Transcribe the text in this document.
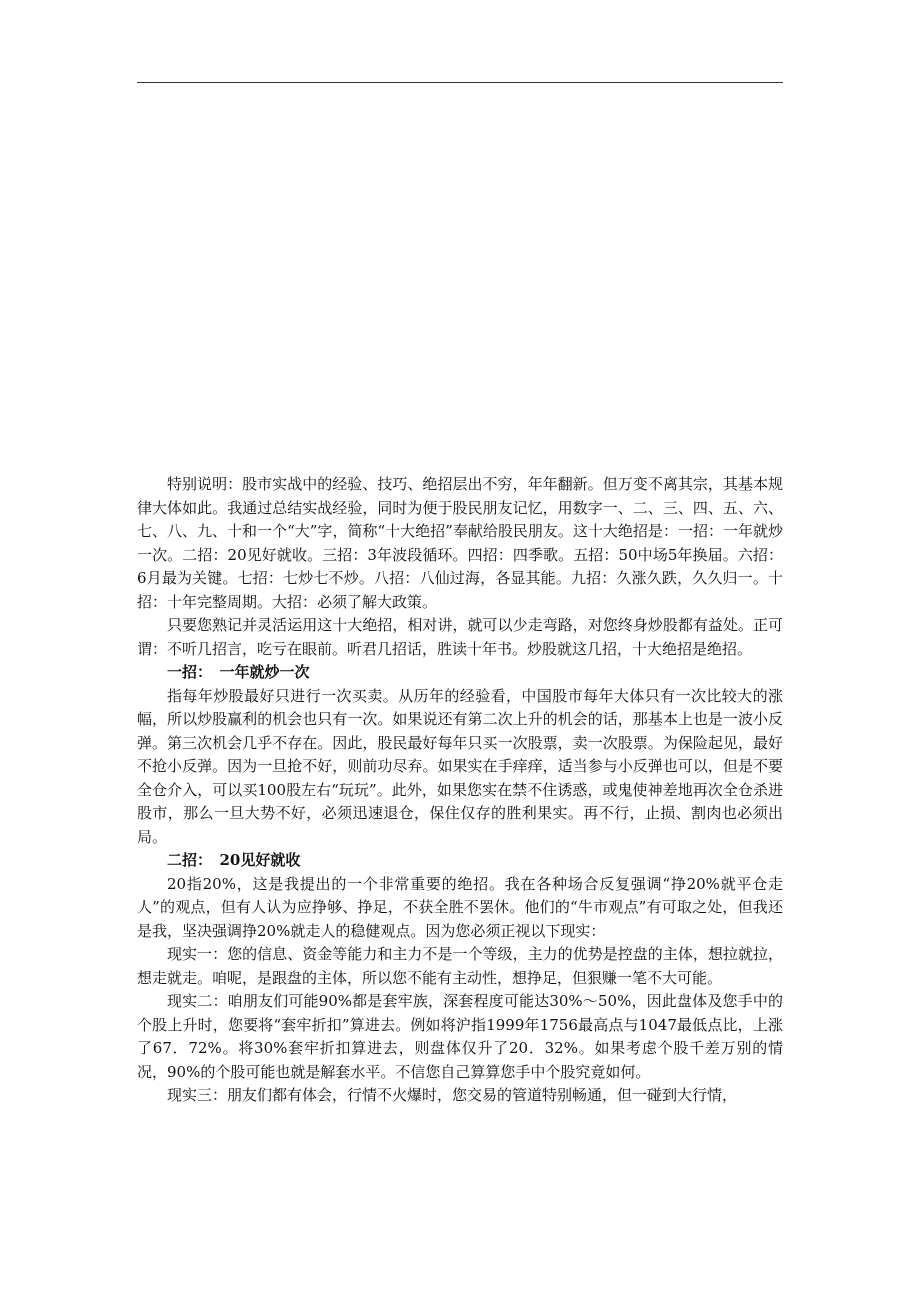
特别说明：股市实战中的经验、技巧、绝招层出不穷，年年翻新。但万变不离其宗，其基本规律大体如此。我通过总结实战经验，同时为便于股民朋友记忆，用数字一、二、三、四、五、六、七、八、九、十和一个“大”字，简称“十大绝招”奉献给股民朋友。这十大绝招是：一招：一年就炒一次。二招：20见好就收。三招：3年波段循环。四招：四季歌。五招：50中场5年换届。六招：6月最为关键。七招：七炒七不炒。八招：八仙过海，各显其能。九招：久涨久跌，久久归一。十招：十年完整周期。大招：必须了解大政策。

只要您熟记并灵活运用这十大绝招，相对讲，就可以少走弯路，对您终身炒股都有益处。正可谓：不听几招言，吃亏在眼前。听君几招话，胜读十年书。炒股就这几招，十大绝招是绝招。

一招：　一年就炒一次

指每年炒股最好只进行一次买卖。从历年的经验看，中国股市每年大体只有一次比较大的涨幅，所以炒股赢利的机会也只有一次。如果说还有第二次上升的机会的话，那基本上也是一波小反弹。第三次机会几乎不存在。因此，股民最好每年只买一次股票，卖一次股票。为保险起见，最好不抢小反弹。因为一旦抢不好，则前功尽弃。如果实在手痒痒，适当参与小反弹也可以，但是不要全仓介入，可以买100股左右“玩玩”。此外，如果您实在禁不住诱惑，或鬼使神差地再次全仓杀进股市，那么一旦大势不好，必须迅速退仓，保住仅存的胜利果实。再不行，止损、割肉也必须出局。

二招：　20见好就收

20指20%，这是我提出的一个非常重要的绝招。我在各种场合反复强调“挣20%就平仓走人”的观点，但有人认为应挣够、挣足，不获全胜不罢休。他们的“牛市观点”有可取之处，但我还是我，坚决强调挣20%就走人的稳健观点。因为您必须正视以下现实：

现实一：您的信息、资金等能力和主力不是一个等级，主力的优势是控盘的主体，想拉就拉，想走就走。咱呢，是跟盘的主体，所以您不能有主动性，想挣足，但狠赚一笔不大可能。

现实二：咱朋友们可能90%都是套牢族，深套程度可能达30%～50%，因此盘体及您手中的个股上升时，您要将“套牢折扣”算进去。例如将沪指1999年1756最高点与1047最低点比，上涨了67．72%。将30%套牢折扣算进去，则盘体仅升了20．32%。如果考虑个股千差万别的情况，90%的个股可能也就是解套水平。不信您自己算算您手中个股究竟如何。

现实三：朋友们都有体会，行情不火爆时，您交易的管道特别畅通，但一碰到大行情，
